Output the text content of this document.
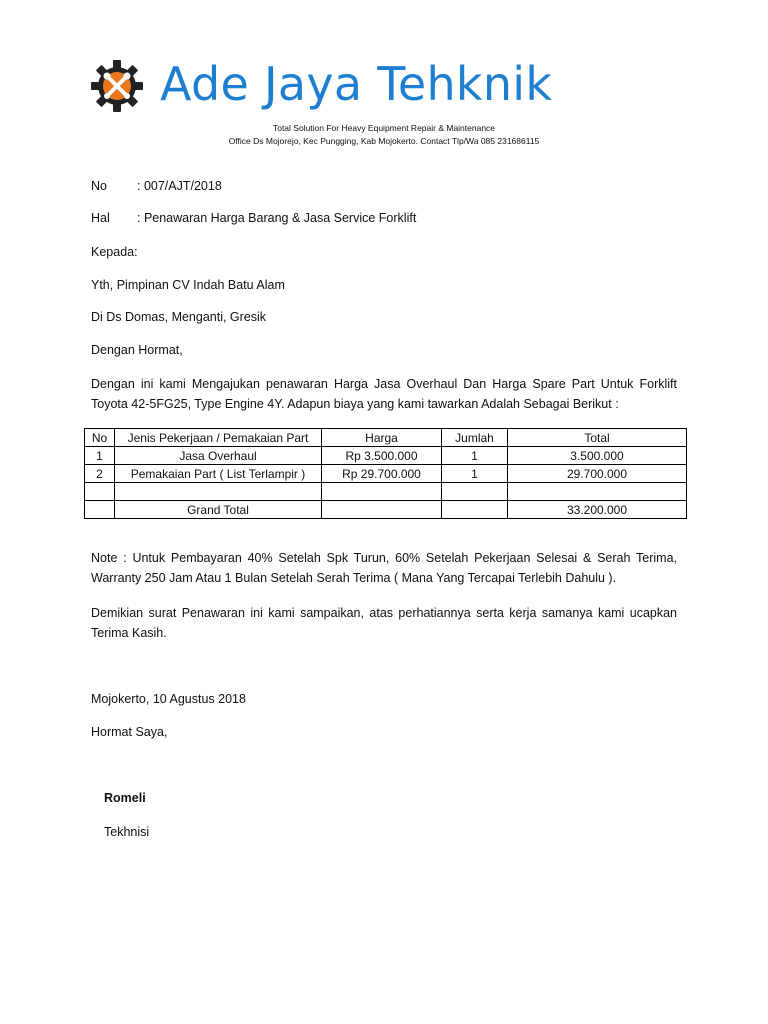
Ade Jaya Tehknik
Total Solution For Heavy Equipment Repair & Maintenance
Office Ds Mojorejo, Kec Pungging, Kab Mojokerto. Contact Tlp/Wa 085 231686115
No : 007/AJT/2018
Hal : Penawaran Harga Barang & Jasa Service Forklift
Kepada:
Yth, Pimpinan CV Indah Batu Alam
Di Ds Domas, Menganti, Gresik
Dengan Hormat,
Dengan ini kami Mengajukan penawaran Harga Jasa Overhaul Dan Harga Spare Part Untuk Forklift Toyota 42-5FG25, Type Engine 4Y. Adapun biaya yang kami tawarkan Adalah Sebagai Berikut :
No	Jenis Pekerjaan / Pemakaian Part	Harga	Jumlah	Total
1	Jasa Overhaul	Rp 3.500.000	1	3.500.000
2	Pemakaian Part ( List Terlampir )	Rp 29.700.000	1	29.700.000

	Grand Total			33.200.000
Note : Untuk Pembayaran 40% Setelah Spk Turun, 60% Setelah Pekerjaan Selesai & Serah Terima, Warranty 250 Jam Atau 1 Bulan Setelah Serah Terima ( Mana Yang Tercapai Terlebih Dahulu ).
Demikian surat Penawaran ini kami sampaikan, atas perhatiannya serta kerja samanya kami ucapkan Terima Kasih.
Mojokerto, 10 Agustus 2018
Hormat Saya,
Romeli
Tekhnisi
